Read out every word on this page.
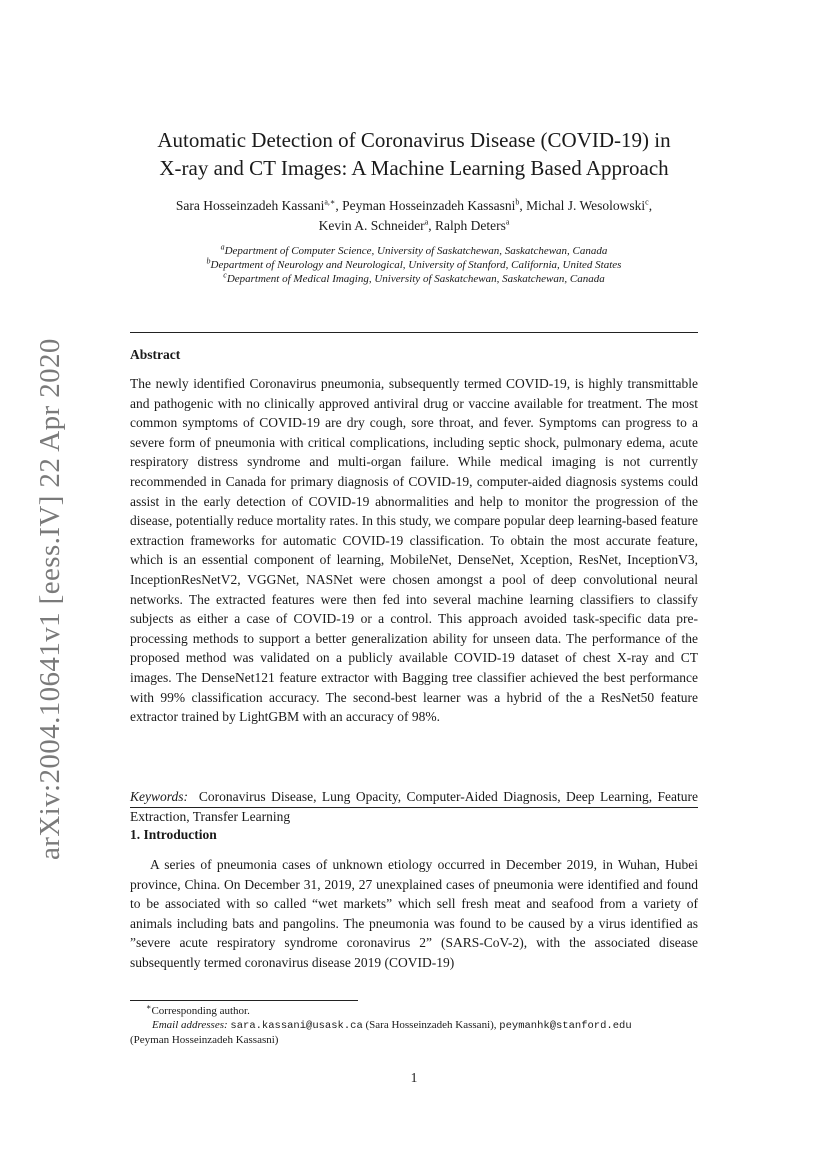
arXiv:2004.10641v1 [eess.IV] 22 Apr 2020
Automatic Detection of Coronavirus Disease (COVID-19) in
X-ray and CT Images: A Machine Learning Based Approach
Sara Hosseinzadeh Kassani$^{a,∗}$, Peyman Hosseinzadeh Kassasni$^b$, Michal J. Wesolowski$^c$,
Kevin A. Schneider$^a$, Ralph Deters$^a$
$^a$Department of Computer Science, University of Saskatchewan, Saskatchewan, Canada
$^b$Department of Neurology and Neurological, University of Stanford, California, United States
$^c$Department of Medical Imaging, University of Saskatchewan, Saskatchewan, Canada
Abstract
The newly identified Coronavirus pneumonia, subsequently termed COVID-19, is highly transmittable and pathogenic with no clinically approved antiviral drug or vaccine available for treatment. The most common symptoms of COVID-19 are dry cough, sore throat, and fever. Symptoms can progress to a severe form of pneumonia with critical complications, including septic shock, pulmonary edema, acute respiratory distress syndrome and multi-organ failure. While medical imaging is not currently recommended in Canada for primary diagnosis of COVID-19, computer-aided diagnosis systems could assist in the early detection of COVID-19 abnormalities and help to monitor the progression of the disease, potentially reduce mortality rates. In this study, we compare popular deep learning-based feature extraction frameworks for automatic COVID-19 classification. To obtain the most accurate feature, which is an essential component of learning, MobileNet, DenseNet, Xception, ResNet, InceptionV3, InceptionResNetV2, VGGNet, NASNet were chosen amongst a pool of deep convolutional neural networks. The extracted features were then fed into several machine learning classifiers to classify subjects as either a case of COVID-19 or a control. This approach avoided task-specific data pre-processing methods to support a better generalization ability for unseen data. The performance of the proposed method was validated on a publicly available COVID-19 dataset of chest X-ray and CT images. The DenseNet121 feature extractor with Bagging tree classifier achieved the best performance with 99% classification accuracy. The second-best learner was a hybrid of the a ResNet50 feature extractor trained by LightGBM with an accuracy of 98%.
Keywords: Coronavirus Disease, Lung Opacity, Computer-Aided Diagnosis, Deep Learning, Feature Extraction, Transfer Learning
1. Introduction
A series of pneumonia cases of unknown etiology occurred in December 2019, in Wuhan, Hubei province, China. On December 31, 2019, 27 unexplained cases of pneumonia were identified and found to be associated with so called “wet markets” which sell fresh meat and seafood from a variety of animals including bats and pangolins. The pneumonia was found to be caused by a virus identified as ”severe acute respiratory syndrome coronavirus 2” (SARS-CoV-2), with the associated disease subsequently termed coronavirus disease 2019 (COVID-19)
∗Corresponding author.
Email addresses: sara.kassani@usask.ca (Sara Hosseinzadeh Kassani), peymanhk@stanford.edu
(Peyman Hosseinzadeh Kassasni)
1
